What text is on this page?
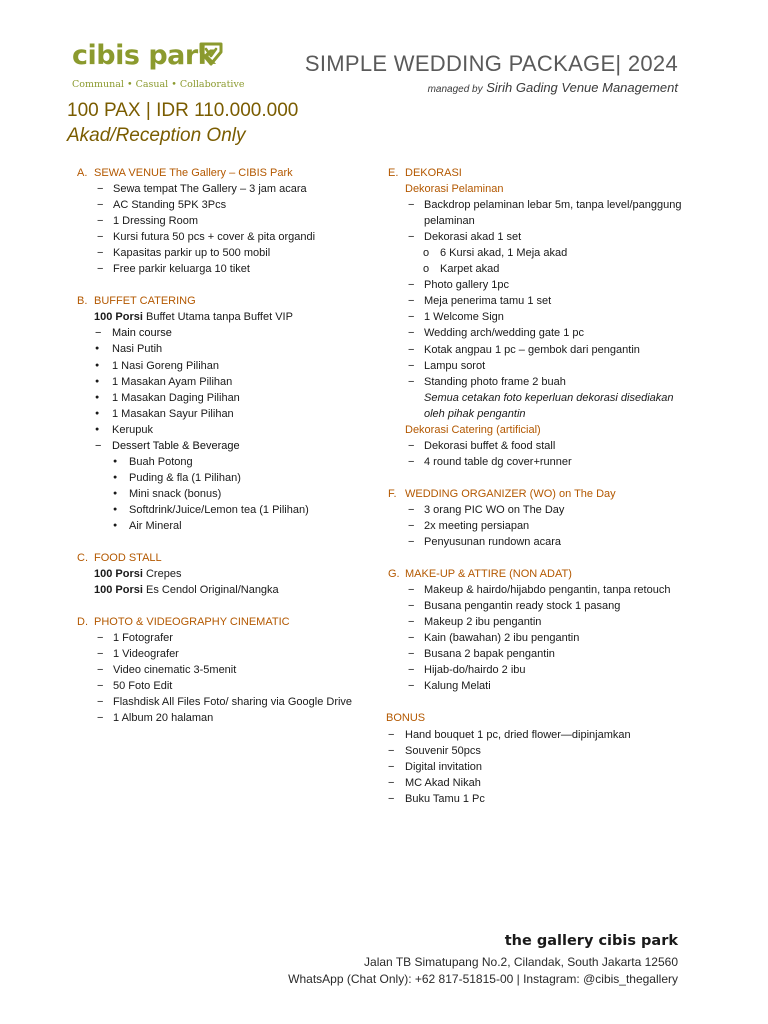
cibis park
Communal • Casual • Collaborative
SIMPLE WEDDING PACKAGE| 2024
managed by Sirih Gading Venue Management
100 PAX | IDR 110.000.000
Akad/Reception Only
A. SEWA VENUE The Gallery – CIBIS Park
− Sewa tempat The Gallery – 3 jam acara
− AC Standing 5PK 3Pcs
− 1 Dressing Room
− Kursi futura 50 pcs + cover & pita organdi
− Kapasitas parkir up to 500 mobil
− Free parkir keluarga 10 tiket
B. BUFFET CATERING
100 Porsi Buffet Utama tanpa Buffet VIP
− Main course
● Nasi Putih
● 1 Nasi Goreng Pilihan
● 1 Masakan Ayam Pilihan
● 1 Masakan Daging Pilihan
● 1 Masakan Sayur Pilihan
● Kerupuk
− Dessert Table & Beverage
● Buah Potong
● Puding & fla (1 Pilihan)
● Mini snack (bonus)
● Softdrink/Juice/Lemon tea (1 Pilihan)
● Air Mineral
C. FOOD STALL
100 Porsi Crepes
100 Porsi Es Cendol Original/Nangka
D. PHOTO & VIDEOGRAPHY CINEMATIC
− 1 Fotografer
− 1 Videografer
− Video cinematic 3-5menit
− 50 Foto Edit
− Flashdisk All Files Foto/ sharing via Google Drive
− 1 Album 20 halaman
E. DEKORASI
Dekorasi Pelaminan
− Backdrop pelaminan lebar 5m, tanpa level/panggung pelaminan
− Dekorasi akad 1 set
o 6 Kursi akad, 1 Meja akad
o Karpet akad
− Photo gallery 1pc
− Meja penerima tamu 1 set
− 1 Welcome Sign
− Wedding arch/wedding gate 1 pc
− Kotak angpau 1 pc – gembok dari pengantin
− Lampu sorot
− Standing photo frame 2 buah
Semua cetakan foto keperluan dekorasi disediakan oleh pihak pengantin
Dekorasi Catering (artificial)
− Dekorasi buffet & food stall
− 4 round table dg cover+runner
F. WEDDING ORGANIZER (WO) on The Day
− 3 orang PIC WO on The Day
− 2x meeting persiapan
− Penyusunan rundown acara
G. MAKE-UP & ATTIRE (NON ADAT)
− Makeup & hairdo/hijabdo pengantin, tanpa retouch
− Busana pengantin ready stock 1 pasang
− Makeup 2 ibu pengantin
− Kain (bawahan) 2 ibu pengantin
− Busana 2 bapak pengantin
− Hijab-do/hairdo 2 ibu
− Kalung Melati
BONUS
− Hand bouquet 1 pc, dried flower—dipinjamkan
− Souvenir 50pcs
− Digital invitation
− MC Akad Nikah
− Buku Tamu 1 Pc
the gallery cibis park
Jalan TB Simatupang No.2, Cilandak, South Jakarta 12560
WhatsApp (Chat Only): +62 817-51815-00 | Instagram: @cibis_thegallery
